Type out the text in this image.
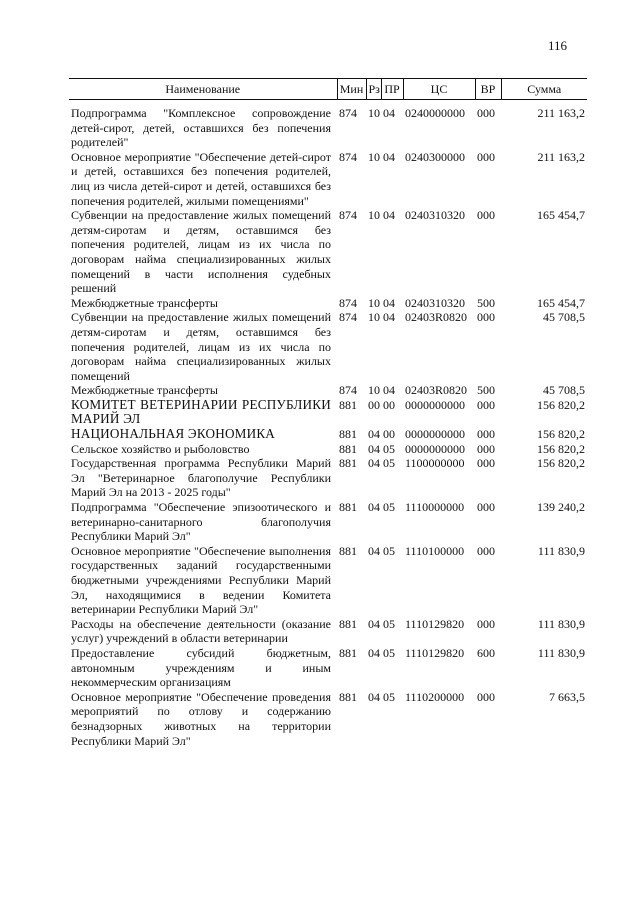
116
Наименование	Мин	Рз	ПР	ЦС	ВР	Сумма
Подпрограмма "Комплексное сопровождение детей-сирот, детей, оставшихся без попечения родителей"	874	10	04	0240000000	000	211 163,2
Основное мероприятие "Обеспечение детей-сирот и детей, оставшихся без попечения родителей, лиц из числа детей-сирот и детей, оставшихся без попечения родителей, жилыми помещениями"	874	10	04	0240300000	000	211 163,2
Субвенции на предоставление жилых помещений детям-сиротам и детям, оставшимся без попечения родителей, лицам из их числа по договорам найма специализированных жилых помещений в части исполнения судебных решений	874	10	04	0240310320	000	165 454,7
Межбюджетные трансферты	874	10	04	0240310320	500	165 454,7
Субвенции на предоставление жилых помещений детям-сиротам и детям, оставшимся без попечения родителей, лицам из их числа по договорам найма специализированных жилых помещений	874	10	04	02403R0820	000	45 708,5
Межбюджетные трансферты	874	10	04	02403R0820	500	45 708,5
КОМИТЕТ ВЕТЕРИНАРИИ РЕСПУБЛИКИ МАРИЙ ЭЛ	881	00	00	0000000000	000	156 820,2
НАЦИОНАЛЬНАЯ ЭКОНОМИКА	881	04	00	0000000000	000	156 820,2
Сельское хозяйство и рыболовство	881	04	05	0000000000	000	156 820,2
Государственная программа Республики Марий Эл "Ветеринарное благополучие Республики Марий Эл на 2013 - 2025 годы"	881	04	05	1100000000	000	156 820,2
Подпрограмма "Обеспечение эпизоотического и ветеринарно-санитарного благополучия Республики Марий Эл"	881	04	05	1110000000	000	139 240,2
Основное мероприятие "Обеспечение выполнения государственных заданий государственными бюджетными учреждениями Республики Марий Эл, находящимися в ведении Комитета ветеринарии Республики Марий Эл"	881	04	05	1110100000	000	111 830,9
Расходы на обеспечение деятельности (оказание услуг) учреждений в области ветеринарии	881	04	05	1110129820	000	111 830,9
Предоставление субсидий бюджетным, автономным учреждениям и иным некоммерческим организациям	881	04	05	1110129820	600	111 830,9
Основное мероприятие "Обеспечение проведения мероприятий по отлову и содержанию безнадзорных животных на территории Республики Марий Эл"	881	04	05	1110200000	000	7 663,5
